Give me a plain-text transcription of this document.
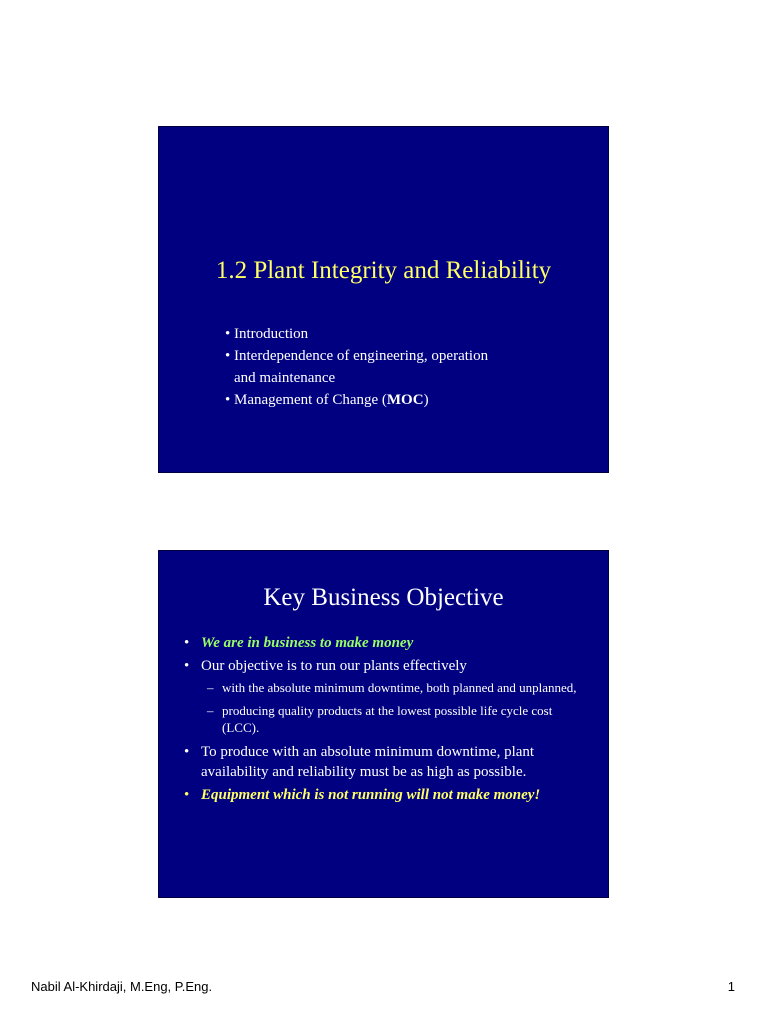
1.2 Plant Integrity and Reliability
• Introduction
• Interdependence of engineering, operation
and maintenance
• Management of Change (MOC)
Key Business Objective
• We are in business to make money
• Our objective is to run our plants effectively
– with the absolute minimum downtime, both planned and unplanned,
– producing quality products at the lowest possible life cycle cost (LCC).
• To produce with an absolute minimum downtime, plant availability and reliability must be as high as possible.
• Equipment which is not running will not make money!
Nabil Al-Khirdaji, M.Eng, P.Eng.	1
